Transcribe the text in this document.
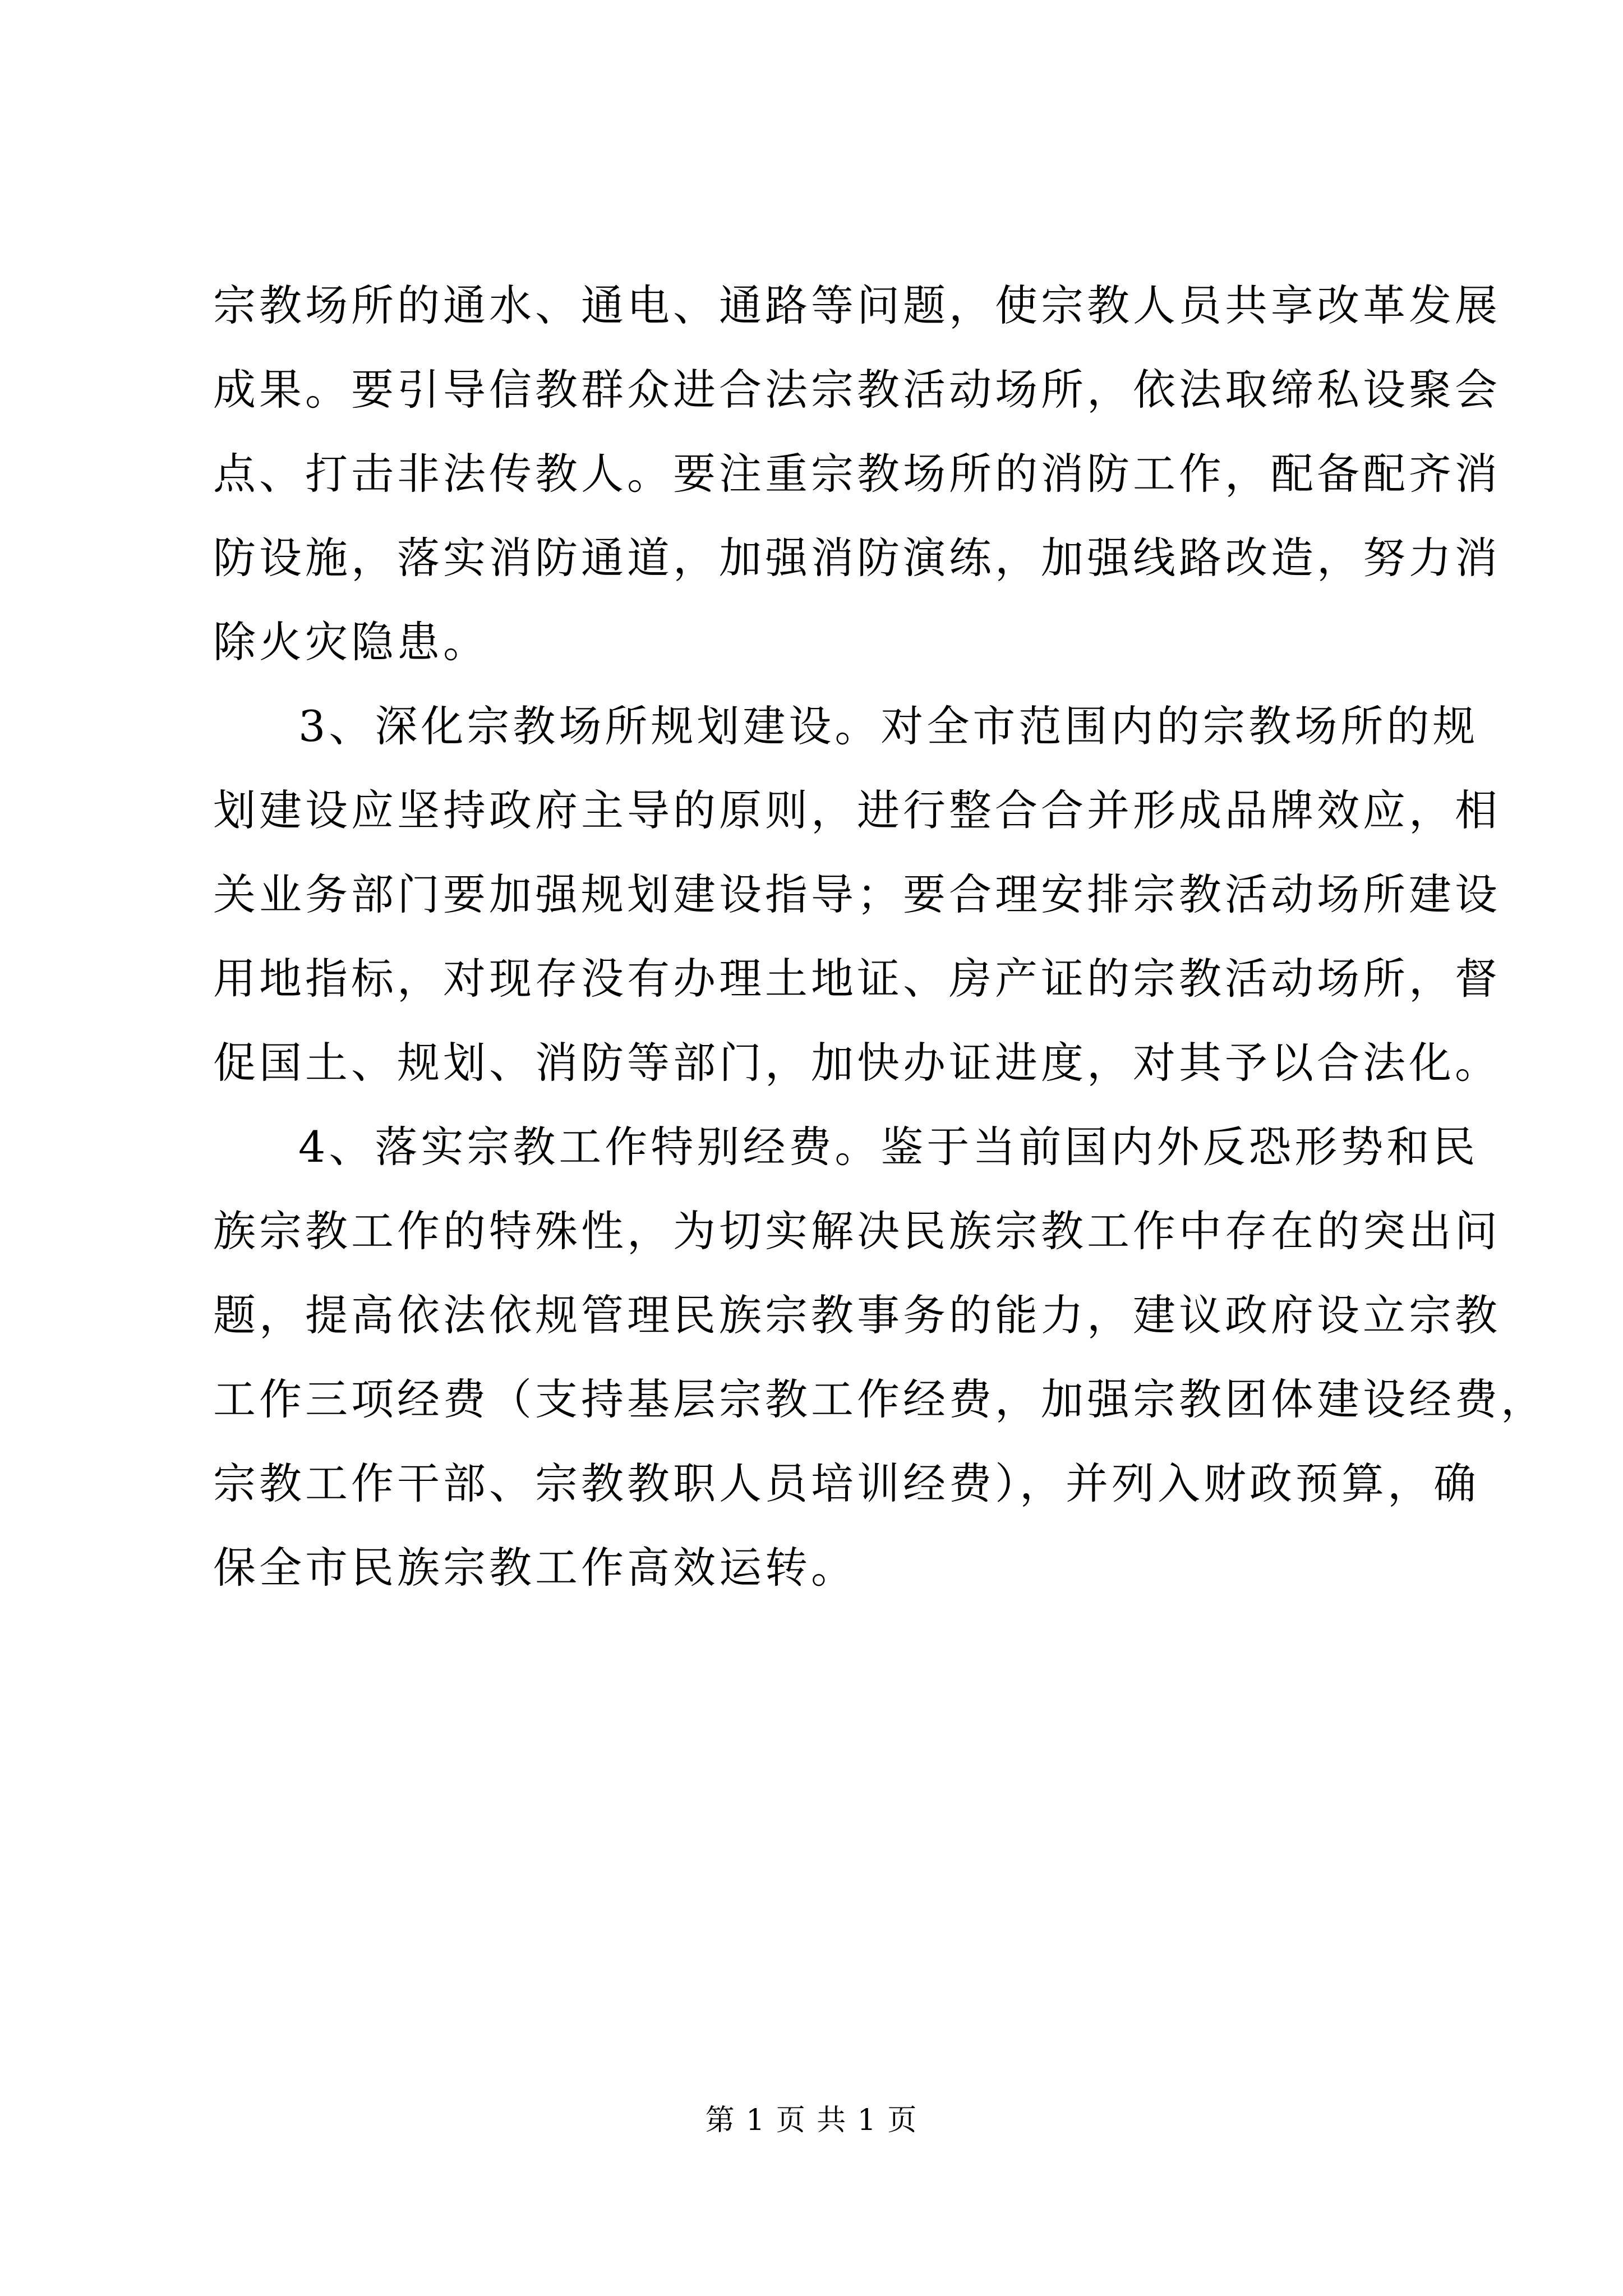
宗教场所的通水、通电、通路等问题，使宗教人员共享改革发展
成果。要引导信教群众进合法宗教活动场所，依法取缔私设聚会
点、打击非法传教人。要注重宗教场所的消防工作，配备配齐消
防设施，落实消防通道，加强消防演练，加强线路改造，努力消
除火灾隐患。
3、深化宗教场所规划建设。对全市范围内的宗教场所的规
划建设应坚持政府主导的原则，进行整合合并形成品牌效应，相
关业务部门要加强规划建设指导；要合理安排宗教活动场所建设
用地指标，对现存没有办理土地证、房产证的宗教活动场所，督
促国土、规划、消防等部门，加快办证进度，对其予以合法化。
4、落实宗教工作特别经费。鉴于当前国内外反恐形势和民
族宗教工作的特殊性，为切实解决民族宗教工作中存在的突出问
题，提高依法依规管理民族宗教事务的能力，建议政府设立宗教
工作三项经费（支持基层宗教工作经费，加强宗教团体建设经费，
宗教工作干部、宗教教职人员培训经费），并列入财政预算，确
保全市民族宗教工作高效运转。
第 1 页 共 1 页
